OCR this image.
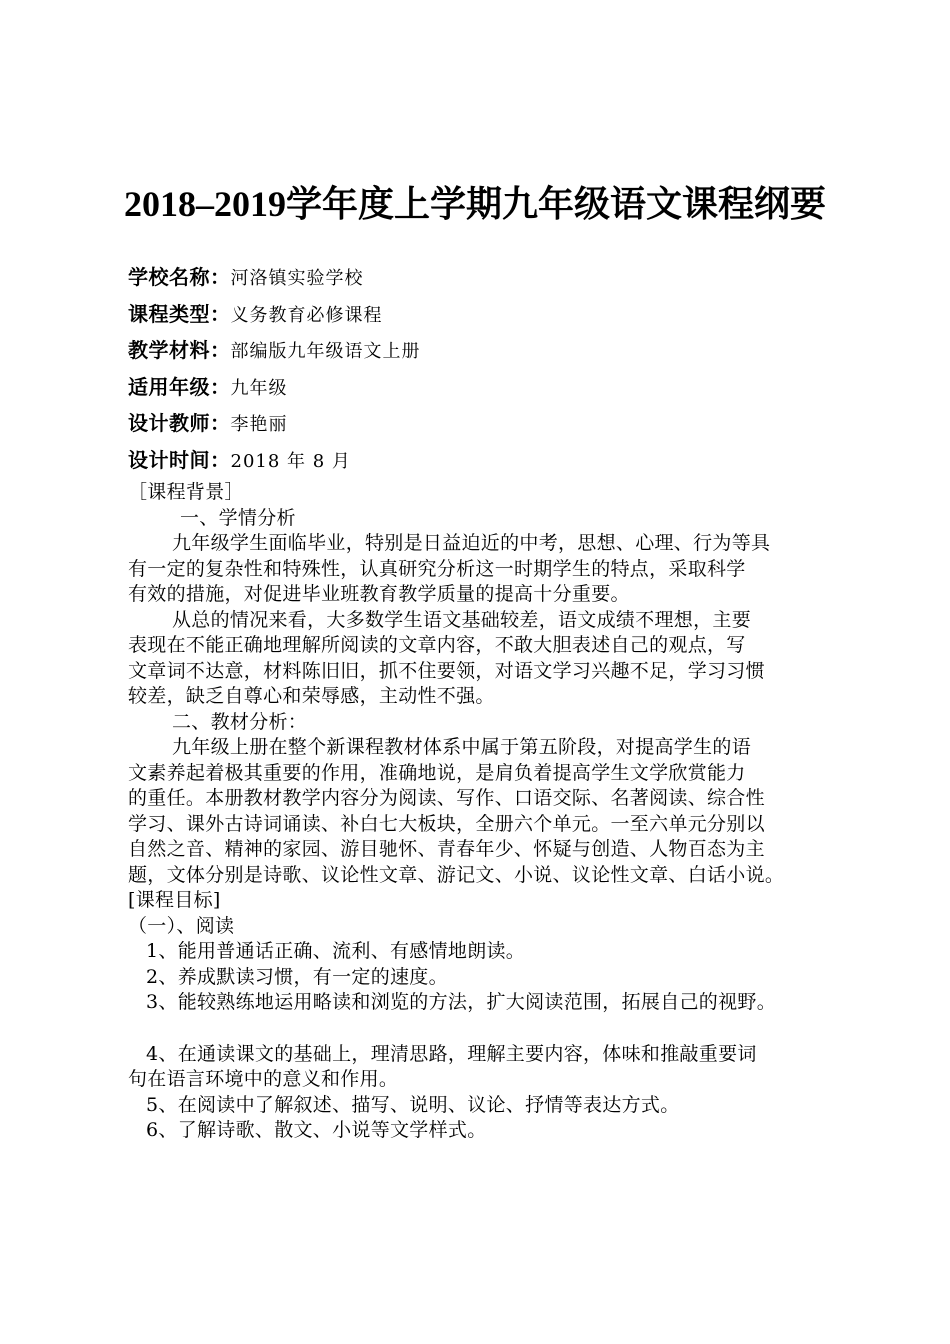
2018–2019学年度上学期九年级语文课程纲要
学校名称：河洛镇实验学校
课程类型：义务教育必修课程
教学材料：部编版九年级语文上册
适用年级：九年级
设计教师：李艳丽
设计时间：2018 年 8 月

［课程背景］

一、学情分析

九年级学生面临毕业，特别是日益迫近的中考，思想、心理、行为等具

有一定的复杂性和特殊性，认真研究分析这一时期学生的特点，采取科学

有效的措施，对促进毕业班教育教学质量的提高十分重要。

从总的情况来看，大多数学生语文基础较差，语文成绩不理想，主要

表现在不能正确地理解所阅读的文章内容，不敢大胆表述自己的观点，写

文章词不达意，材料陈旧旧，抓不住要领，对语文学习兴趣不足，学习习惯

较差，缺乏自尊心和荣辱感，主动性不强。

二、教材分析：

九年级上册在整个新课程教材体系中属于第五阶段，对提高学生的语

文素养起着极其重要的作用，准确地说，是肩负着提高学生文学欣赏能力

的重任。本册教材教学内容分为阅读、写作、口语交际、名著阅读、综合性

学习、课外古诗词诵读、补白七大板块，全册六个单元。一至六单元分别以

自然之音、精神的家园、游目驰怀、青春年少、怀疑与创造、人物百态为主

题，文体分别是诗歌、议论性文章、游记文、小说、议论性文章、白话小说。

[课程目标]

（一）、阅读

1、能用普通话正确、流利、有感情地朗读。

2、养成默读习惯，有一定的速度。

3、能较熟练地运用略读和浏览的方法，扩大阅读范围，拓展自己的视野。

4、在通读课文的基础上，理清思路，理解主要内容，体味和推敲重要词

句在语言环境中的意义和作用。

5、在阅读中了解叙述、描写、说明、议论、抒情等表达方式。

6、了解诗歌、散文、小说等文学样式。
